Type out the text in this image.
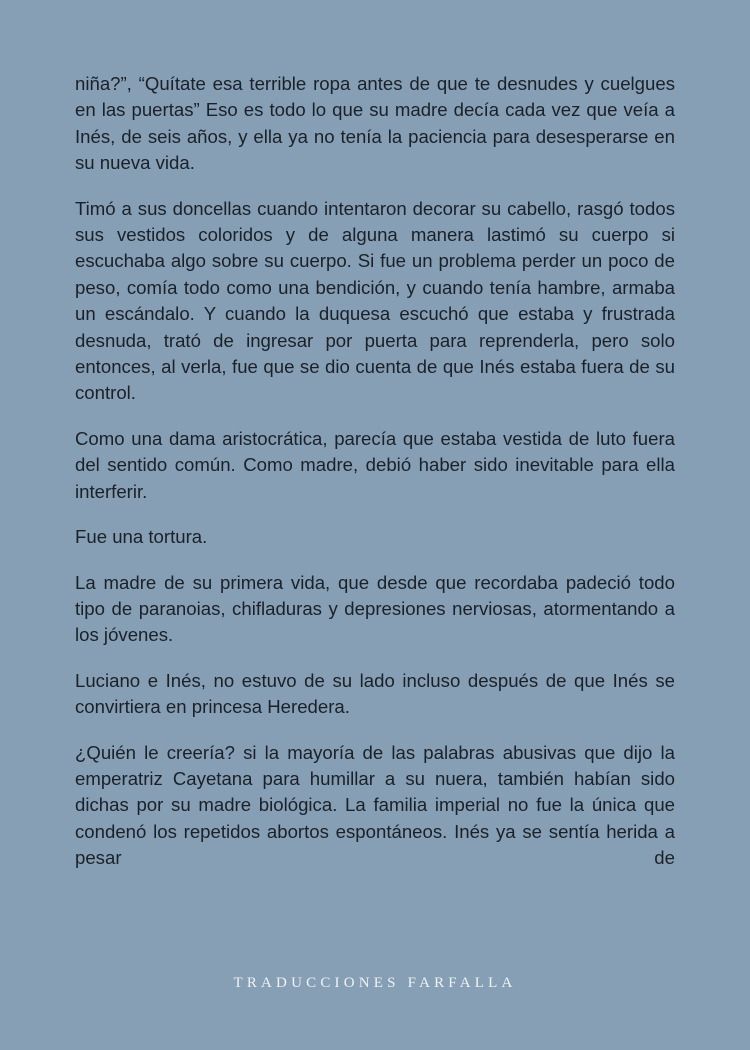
niña?”, “Quítate esa terrible ropa antes de que te desnudes y cuelgues en las puertas” Eso es todo lo que su madre decía cada vez que veía a Inés, de seis años, y ella ya no tenía la paciencia para desesperarse en su nueva vida.

Timó a sus doncellas cuando intentaron decorar su cabello, rasgó todos sus vestidos coloridos y de alguna manera lastimó su cuerpo si escuchaba algo sobre su cuerpo. Si fue un problema perder un poco de peso, comía todo como una bendición, y cuando tenía hambre, armaba un escándalo. Y cuando la duquesa escuchó que estaba y frustrada desnuda, trató de ingresar por puerta para reprenderla, pero solo entonces, al verla, fue que se dio cuenta de que Inés estaba fuera de su control.

Como una dama aristocrática, parecía que estaba vestida de luto fuera del sentido común. Como madre, debió haber sido inevitable para ella interferir.

Fue una tortura.

La madre de su primera vida, que desde que recordaba padeció todo tipo de paranoias, chifladuras y depresiones nerviosas, atormentando a los jóvenes.

Luciano e Inés, no estuvo de su lado incluso después de que Inés se convirtiera en princesa Heredera.

¿Quién le creería? si la mayoría de las palabras abusivas que dijo la emperatriz Cayetana para humillar a su nuera, también habían sido dichas por su madre biológica. La familia imperial no fue la única que condenó los repetidos abortos espontáneos. Inés ya se sentía herida a pesar de

TRADUCCIONES FARFALLA
